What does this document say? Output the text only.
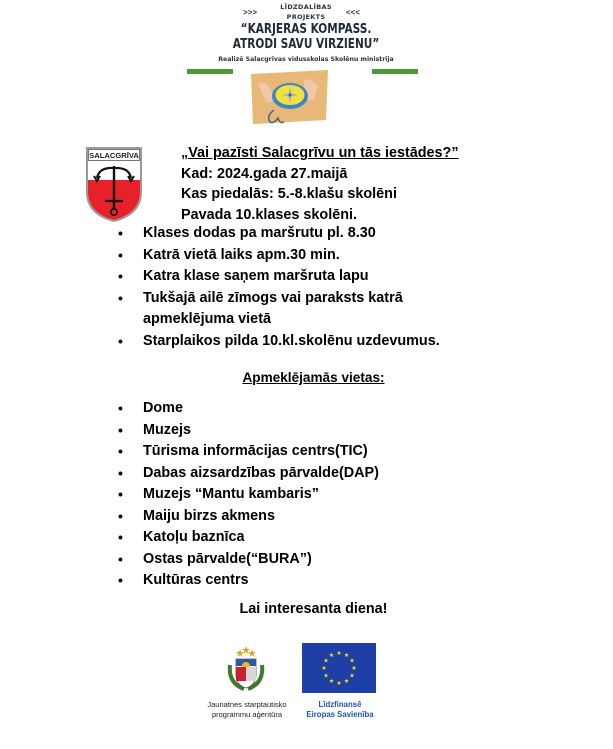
LĪDZDALĪBAS
PROJEKTS
>>>	<<<
“KARJERAS KOMPASS.
ATRODI SAVU VIRZIENU”
Realizē Salacgrīvas vidusskolas Skolēnu ministrija
SALACGRĪVA	„Vai pazīsti Salacgrīvu un tās iestādes?”
Kad: 2024.gada 27.maijā
Kas piedalās: 5.-8.klašu skolēni
Pavada 10.klases skolēni.
• Klases dodas pa maršrutu pl. 8.30
• Katrā vietā laiks apm.30 min.
• Katra klase saņem maršruta lapu
• Tukšajā ailē zīmogs vai paraksts katrā apmeklējuma vietā
• Starplaikos pilda 10.kl.skolēnu uzdevumus.
Apmeklējamās vietas:
• Dome
• Muzejs
• Tūrisma informācijas centrs(TIC)
• Dabas aizsardzības pārvalde(DAP)
• Muzejs “Mantu kambaris”
• Maiju birzs akmens
• Katoļu baznīca
• Ostas pārvalde(“BURA”)
• Kultūras centrs
Lai interesanta diena!
Jaunatnes starptautisko
programmu aģentūra
Līdzfinansē
Eiropas Savienība
